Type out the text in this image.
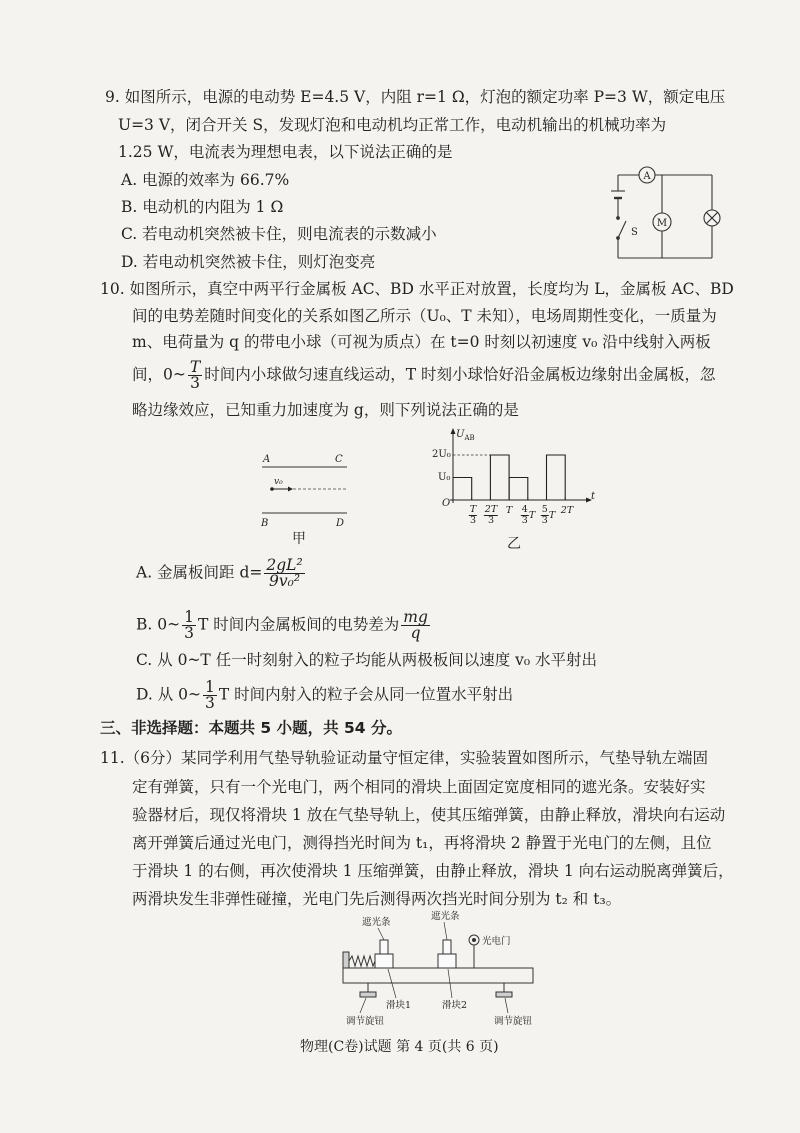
9. 如图所示，电源的电动势 E=4.5 V，内阻 r=1 Ω，灯泡的额定功率 P=3 W，额定电压
U=3 V，闭合开关 S，发现灯泡和电动机均正常工作，电动机输出的机械功率为
1.25 W，电流表为理想电表，以下说法正确的是
A. 电源的效率为 66.7%
B. 电动机的内阻为 1 Ω
C. 若电动机突然被卡住，则电流表的示数减小
D. 若电动机突然被卡住，则灯泡变亮
A
M
S
10. 如图所示，真空中两平行金属板 AC、BD 水平正对放置，长度均为 L，金属板 AC、BD
间的电势差随时间变化的关系如图乙所示（U₀、T 未知），电场周期性变化，一质量为
m、电荷量为 q 的带电小球（可视为质点）在 t=0 时刻以初速度 v₀ 沿中线射入两板
间，0~ $\frac{T}{3}$ 时间内小球做匀速直线运动，T 时刻小球恰好沿金属板边缘射出金属板，忽
略边缘效应，已知重力加速度为 g，则下列说法正确的是
A	C
v₀
B	D
甲
$U_{AB}$
2U₀
U₀
O
t
$\frac{T}{3} \frac{2T}{3}$ T $\frac{4}{3}$ T $\frac{5}{3}$ T 2T
乙
A. 金属板间距 $d= \frac{\text{2gL²}}{\text{9v₀²}}$
B. 0~ $\frac{1}{3}$ T 时间内金属板间的电势差为 $\frac{mg}{q}$
C. 从 0~T 任一时刻射入的粒子均能从两极板间以速度 v₀ 水平射出
D. 从 0~ $\frac{1}{3}$ T 时间内射入的粒子会从同一位置水平射出
三、非选择题：本题共 5 小题，共 54 分。
11.（6分）某同学利用气垫导轨验证动量守恒定律，实验装置如图所示，气垫导轨左端固
定有弹簧，只有一个光电门，两个相同的滑块上面固定宽度相同的遮光条。安装好实
验器材后，现仅将滑块 1 放在气垫导轨上，使其压缩弹簧，由静止释放，滑块向右运动
离开弹簧后通过光电门，测得挡光时间为 t₁，再将滑块 2 静置于光电门的左侧，且位
于滑块 1 的右侧，再次使滑块 1 压缩弹簧，由静止释放，滑块 1 向右运动脱离弹簧后，
两滑块发生非弹性碰撞，光电门先后测得两次挡光时间分别为 t₂ 和 t₃。
遮光条
遮光条
光电门
滑块1	滑块2
调节旋钮	调节旋钮
物理(C卷)试题 第 4 页(共 6 页)
